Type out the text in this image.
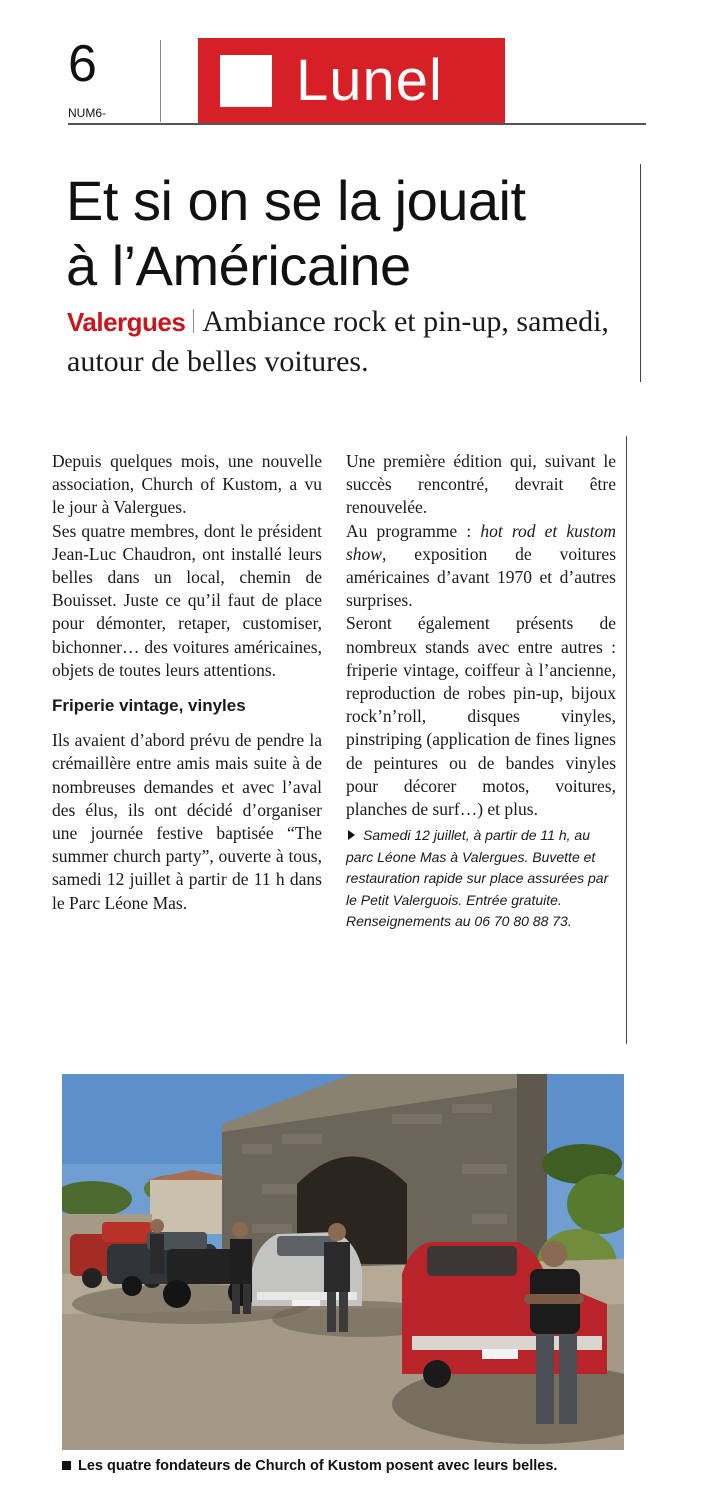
6
NUM6-
Lunel
Et si on se la jouait
à l’Américaine
Valergues Ambiance rock et pin-up, samedi, autour de belles voitures.

Depuis quelques mois, une nouvelle association, Church of Kustom, a vu le jour à Valergues.

Ses quatre membres, dont le président Jean-Luc Chaudron, ont installé leurs belles dans un local, chemin de Bouisset. Juste ce qu’il faut de place pour démonter, retaper, customiser, bichonner… des voitures américaines, objets de toutes leurs attentions.

Friperie vintage, vinyles

Ils avaient d’abord prévu de pendre la crémaillère entre amis mais suite à de nombreuses demandes et avec l’aval des élus, ils ont décidé d’organiser une journée festive baptisée “The summer church party”, ouverte à tous, samedi 12 juillet à partir de 11 h dans le Parc Léone Mas.

Une première édition qui, suivant le succès rencontré, devrait être renouvelée.

Au programme : hot rod et kustom show, exposition de voitures américaines d’avant 1970 et d’autres surprises.

Seront également présents de nombreux stands avec entre autres : friperie vintage, coiffeur à l’ancienne, reproduction de robes pin-up, bijoux rock’n’roll, disques vinyles, pinstriping (application de fines lignes de peintures ou de bandes vinyles pour décorer motos, voitures, planches de surf…) et plus.

Samedi 12 juillet, à partir de 11 h, au parc Léone Mas à Valergues. Buvette et restauration rapide sur place assurées par le Petit Valerguois. Entrée gratuite. Renseignements au 06 70 80 88 73.

Les quatre fondateurs de Church of Kustom posent avec leurs belles.
